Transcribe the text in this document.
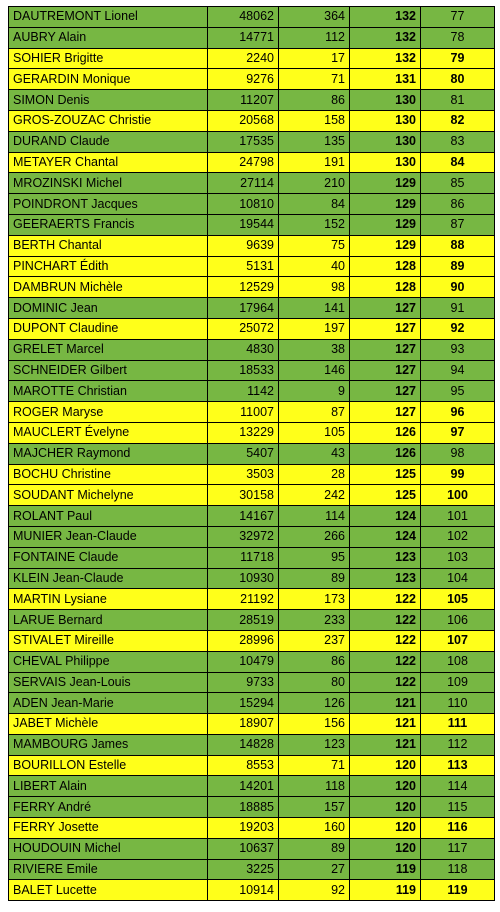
DAUTREMONT Lionel	48062	364	132	77
AUBRY Alain	14771	112	132	78
SOHIER Brigitte	2240	17	132	79
GERARDIN Monique	9276	71	131	80
SIMON Denis	11207	86	130	81
GROS-ZOUZAC Christie	20568	158	130	82
DURAND Claude	17535	135	130	83
METAYER Chantal	24798	191	130	84
MROZINSKI Michel	27114	210	129	85
POINDRONT Jacques	10810	84	129	86
GEERAERTS Francis	19544	152	129	87
BERTH Chantal	9639	75	129	88
PINCHART Édith	5131	40	128	89
DAMBRUN Michèle	12529	98	128	90
DOMINIC Jean	17964	141	127	91
DUPONT Claudine	25072	197	127	92
GRELET Marcel	4830	38	127	93
SCHNEIDER Gilbert	18533	146	127	94
MAROTTE Christian	1142	9	127	95
ROGER Maryse	11007	87	127	96
MAUCLERT Évelyne	13229	105	126	97
MAJCHER Raymond	5407	43	126	98
BOCHU Christine	3503	28	125	99
SOUDANT Michelyne	30158	242	125	100
ROLANT Paul	14167	114	124	101
MUNIER Jean-Claude	32972	266	124	102
FONTAINE Claude	11718	95	123	103
KLEIN Jean-Claude	10930	89	123	104
MARTIN Lysiane	21192	173	122	105
LARUE Bernard	28519	233	122	106
STIVALET Mireille	28996	237	122	107
CHEVAL Philippe	10479	86	122	108
SERVAIS Jean-Louis	9733	80	122	109
ADEN Jean-Marie	15294	126	121	110
JABET Michèle	18907	156	121	111
MAMBOURG James	14828	123	121	112
BOURILLON Estelle	8553	71	120	113
LIBERT Alain	14201	118	120	114
FERRY André	18885	157	120	115
FERRY Josette	19203	160	120	116
HOUDOUIN Michel	10637	89	120	117
RIVIERE Emile	3225	27	119	118
BALET Lucette	10914	92	119	119
